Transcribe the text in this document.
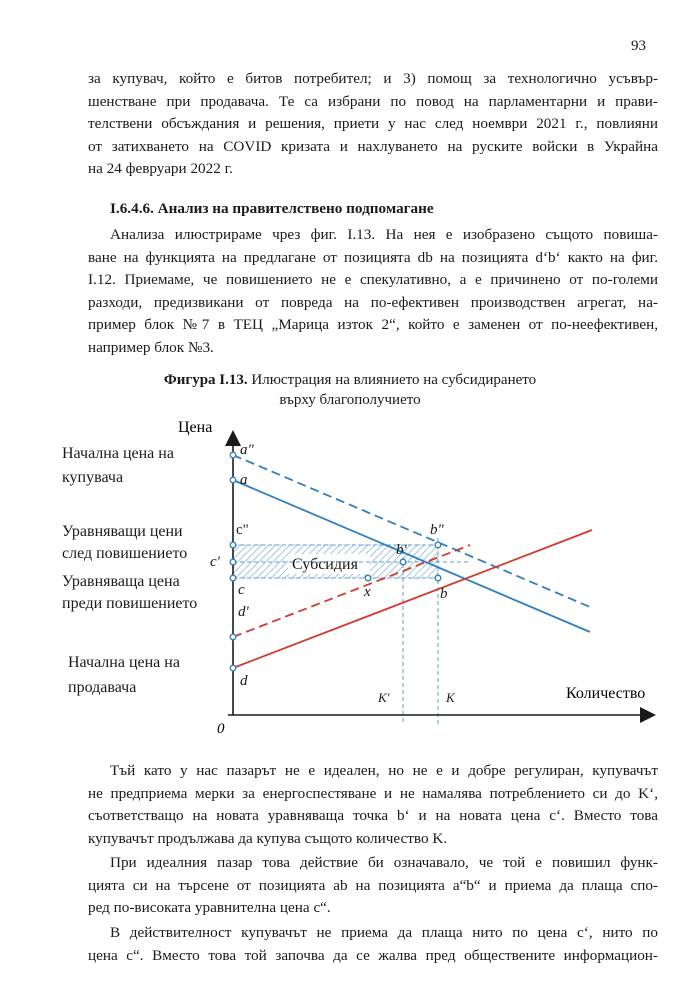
93
за купувач, който е битов потребител; и 3) помощ за технологично усъвър-
шенстване при продавача. Те са избрани по повод на парламентарни и прави-
телствени обсъждания и решения, приети у нас след ноември 2021 г., повлияни
от затихването на COVID кризата и нахлуването на руските войски в Украйна
на 24 февруари 2022 г.
I.6.4.6. Анализ на правителствено подпомагане
Анализа илюстрираме чрез фиг. I.13. На нея е изобразено същото повиша-
ване на функцията на предлагане от позицията db на позицията d‘b‘ както на фиг.
I.12. Приемаме, че повишението не е спекулативно, а е причинено от по-големи
разходи, предизвикани от повреда на по-ефективен производствен агрегат, на-
пример блок №7 в ТЕЦ „Марица изток 2“, който е заменен от по-неефективен,
например блок №3.
Фигура I.13. Илюстрация на влиянието на субсидирането
върху благополучието
Цена
Количество
0
Начална цена на
купувача
Уравняващи цени
след повишението
Уравняваща цена
преди повишението
Начална цена на
продавача
a"
a
c"
c'
c
d'
d
b"
b'
b
x
K'	K
Субсидия
Тъй като у нас пазарът не е идеален, но не е и добре регулиран, купувачът
не предприема мерки за енергоспестяване и не намалява потреблението си до K‘,
съответстващо на новата уравняваща точка b‘ и на новата цена c‘. Вместо това
купувачът продължава да купува същото количество K.
При идеалния пазар това действие би означавало, че той е повишил функ-
цията си на търсене от позицията ab на позицията a“b“ и приема да плаща спо-
ред по-високата уравнителна цена c“.
В действителност купувачът не приема да плаща нито по цена c‘, нито по
цена c“. Вместо това той започва да се жалва пред обществените информацион-
